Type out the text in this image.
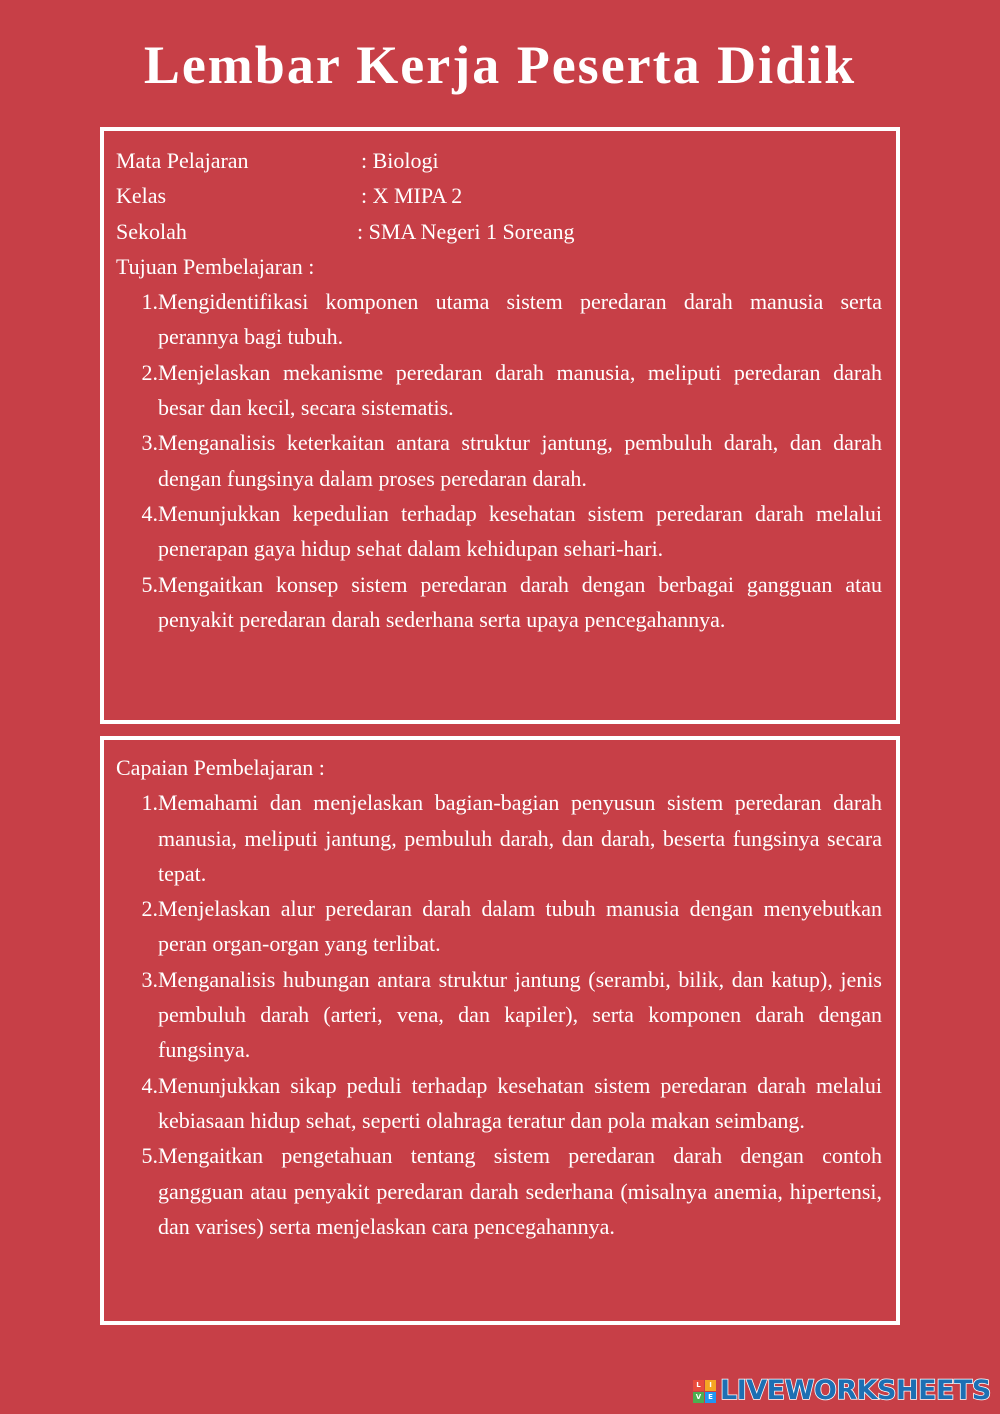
Lembar Kerja Peserta Didik
Mata Pelajaran	: Biologi
Kelas	: X MIPA 2
Sekolah	: SMA Negeri 1 Soreang
Tujuan Pembelajaran :
1. Mengidentifikasi komponen utama sistem peredaran darah manusia serta perannya bagi tubuh.
2. Menjelaskan mekanisme peredaran darah manusia, meliputi peredaran darah besar dan kecil, secara sistematis.
3. Menganalisis keterkaitan antara struktur jantung, pembuluh darah, dan darah dengan fungsinya dalam proses peredaran darah.
4. Menunjukkan kepedulian terhadap kesehatan sistem peredaran darah melalui penerapan gaya hidup sehat dalam kehidupan sehari-hari.
5. Mengaitkan konsep sistem peredaran darah dengan berbagai gangguan atau penyakit peredaran darah sederhana serta upaya pencegahannya.
Capaian Pembelajaran :
1. Memahami dan menjelaskan bagian-bagian penyusun sistem peredaran darah manusia, meliputi jantung, pembuluh darah, dan darah, beserta fungsinya secara tepat.
2. Menjelaskan alur peredaran darah dalam tubuh manusia dengan menyebutkan peran organ-organ yang terlibat.
3. Menganalisis hubungan antara struktur jantung (serambi, bilik, dan katup), jenis pembuluh darah (arteri, vena, dan kapiler), serta komponen darah dengan fungsinya.
4. Menunjukkan sikap peduli terhadap kesehatan sistem peredaran darah melalui kebiasaan hidup sehat, seperti olahraga teratur dan pola makan seimbang.
5. Mengaitkan pengetahuan tentang sistem peredaran darah dengan contoh gangguan atau penyakit peredaran darah sederhana (misalnya anemia, hipertensi, dan varises) serta menjelaskan cara pencegahannya.
L	I
V E LIVEWORKSHEETS
